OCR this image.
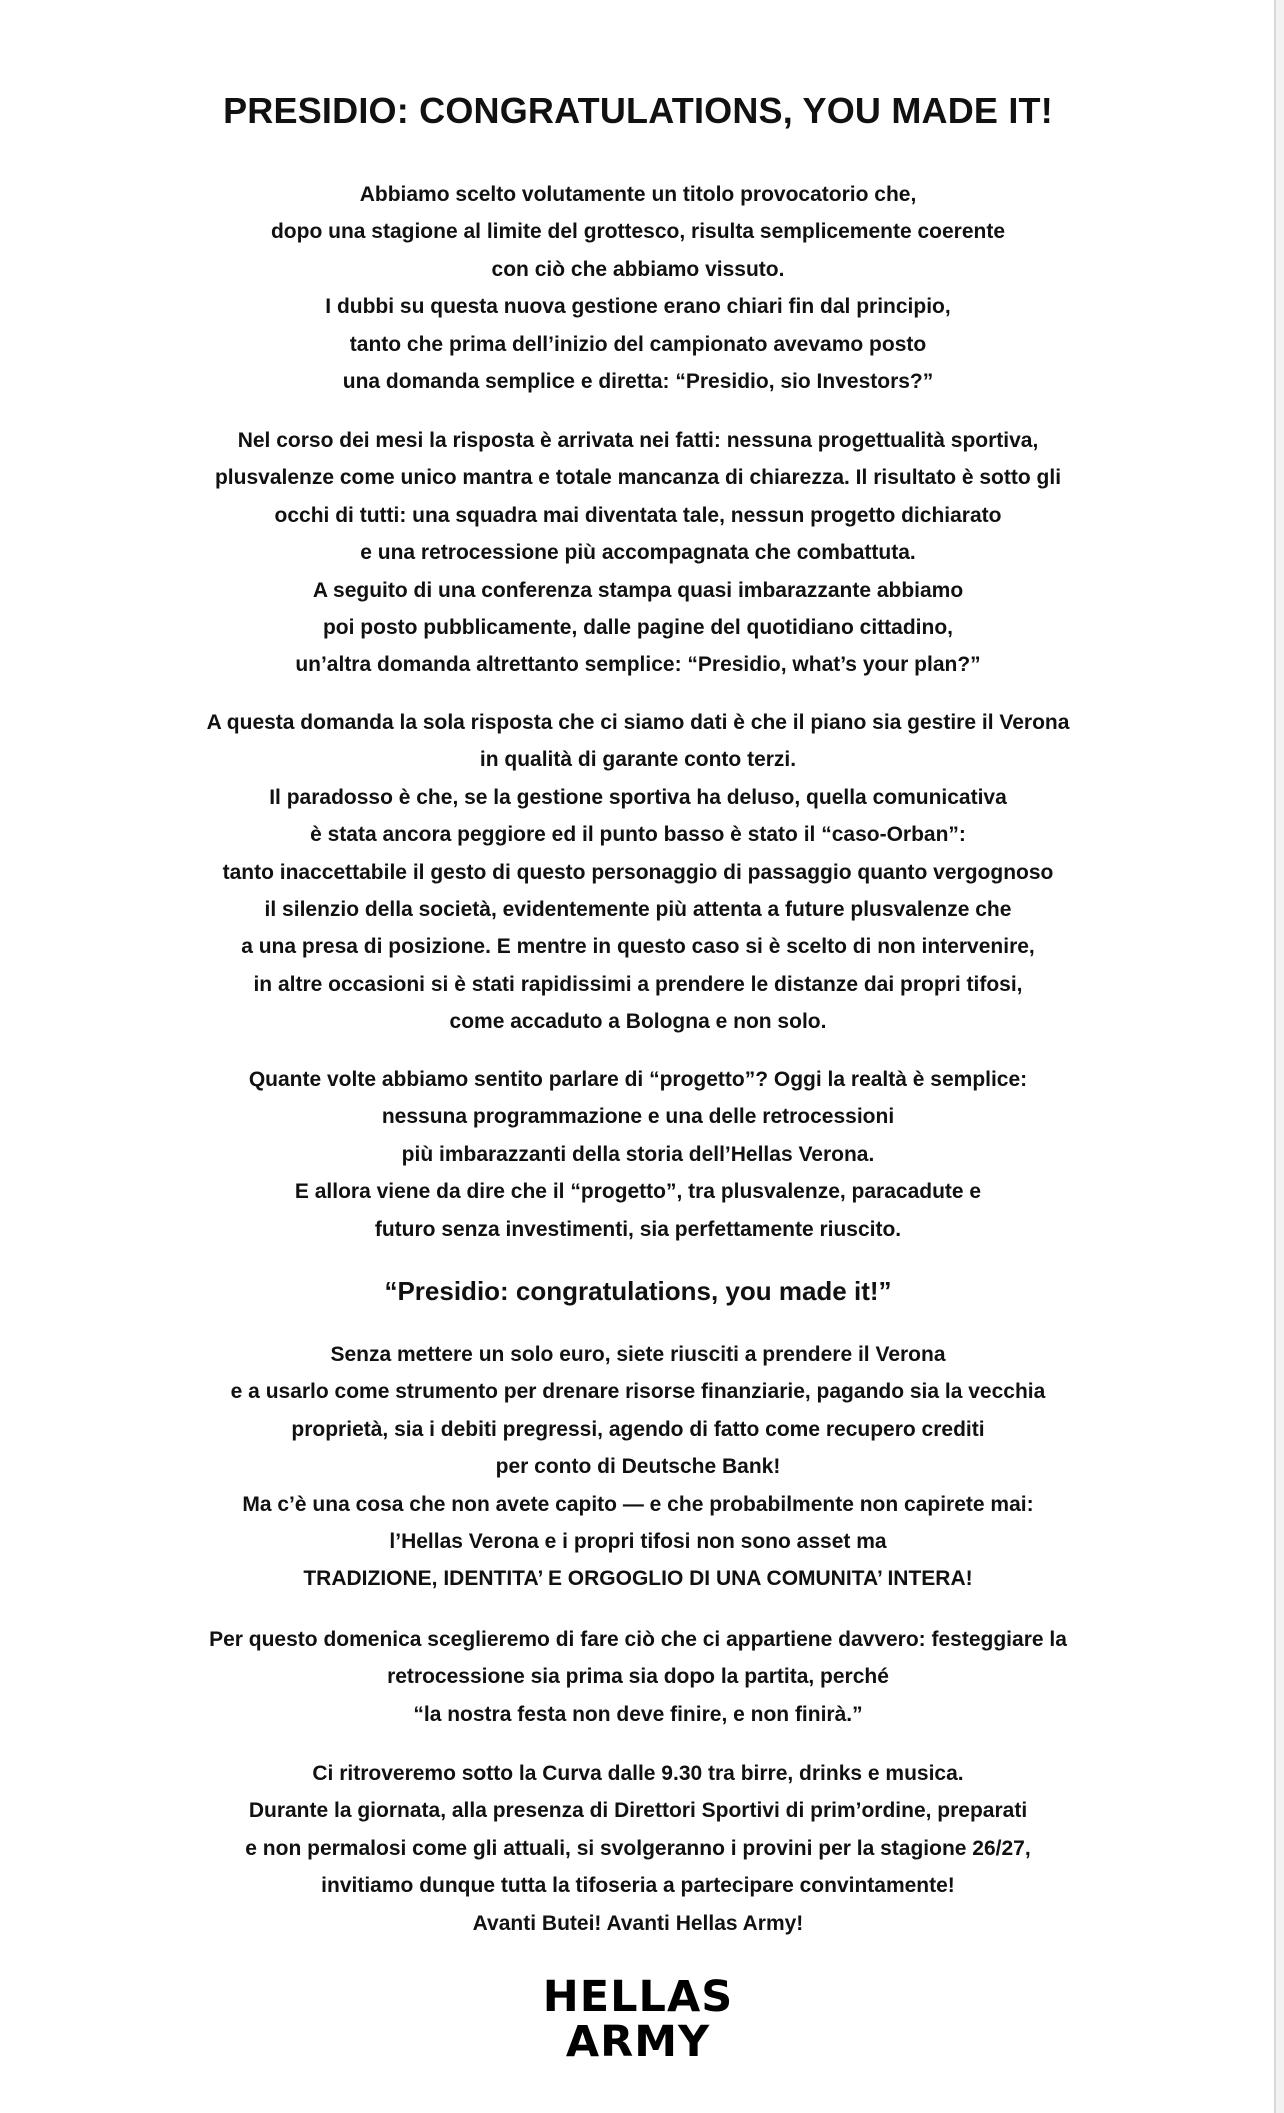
PRESIDIO: CONGRATULATIONS, YOU MADE IT!
Abbiamo scelto volutamente un titolo provocatorio che,
dopo una stagione al limite del grottesco, risulta semplicemente coerente
con ciò che abbiamo vissuto.
I dubbi su questa nuova gestione erano chiari fin dal principio,
tanto che prima dell’inizio del campionato avevamo posto
una domanda semplice e diretta: “Presidio, sio Investors?”
Nel corso dei mesi la risposta è arrivata nei fatti: nessuna progettualità sportiva,
plusvalenze come unico mantra e totale mancanza di chiarezza. Il risultato è sotto gli
occhi di tutti: una squadra mai diventata tale, nessun progetto dichiarato
e una retrocessione più accompagnata che combattuta.
A seguito di una conferenza stampa quasi imbarazzante abbiamo
poi posto pubblicamente, dalle pagine del quotidiano cittadino,
un’altra domanda altrettanto semplice: “Presidio, what’s your plan?”
A questa domanda la sola risposta che ci siamo dati è che il piano sia gestire il Verona
in qualità di garante conto terzi.
Il paradosso è che, se la gestione sportiva ha deluso, quella comunicativa
è stata ancora peggiore ed il punto basso è stato il “caso-Orban”:
tanto inaccettabile il gesto di questo personaggio di passaggio quanto vergognoso
il silenzio della società, evidentemente più attenta a future plusvalenze che
a una presa di posizione. E mentre in questo caso si è scelto di non intervenire,
in altre occasioni si è stati rapidissimi a prendere le distanze dai propri tifosi,
come accaduto a Bologna e non solo.
Quante volte abbiamo sentito parlare di “progetto”? Oggi la realtà è semplice:
nessuna programmazione e una delle retrocessioni
più imbarazzanti della storia dell’Hellas Verona.
E allora viene da dire che il “progetto”, tra plusvalenze, paracadute e
futuro senza investimenti, sia perfettamente riuscito.
“Presidio: congratulations, you made it!”
Senza mettere un solo euro, siete riusciti a prendere il Verona
e a usarlo come strumento per drenare risorse finanziarie, pagando sia la vecchia
proprietà, sia i debiti pregressi, agendo di fatto come recupero crediti
per conto di Deutsche Bank!
Ma c’è una cosa che non avete capito — e che probabilmente non capirete mai:
l’Hellas Verona e i propri tifosi non sono asset ma
TRADIZIONE, IDENTITA’ E ORGOGLIO DI UNA COMUNITA’ INTERA!
Per questo domenica sceglieremo di fare ciò che ci appartiene davvero: festeggiare la
retrocessione sia prima sia dopo la partita, perché
“la nostra festa non deve finire, e non finirà.”
Ci ritroveremo sotto la Curva dalle 9.30 tra birre, drinks e musica.
Durante la giornata, alla presenza di Direttori Sportivi di prim’ordine, preparati
e non permalosi come gli attuali, si svolgeranno i provini per la stagione 26/27,
invitiamo dunque tutta la tifoseria a partecipare convintamente!
Avanti Butei! Avanti Hellas Army!
HELLAS
ARMY
